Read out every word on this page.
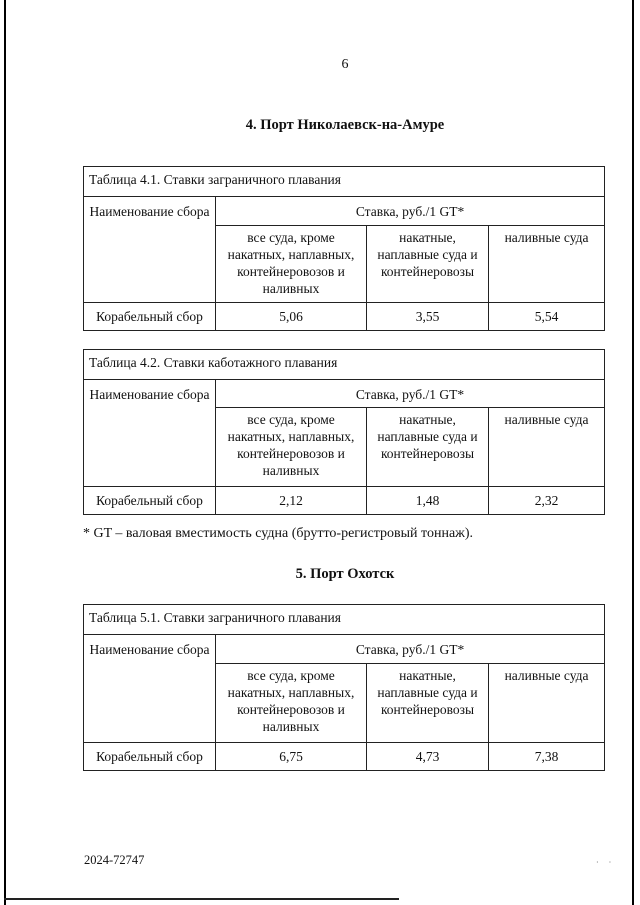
· ·
6
4. Порт Николаевск-на-Амуре
Таблица 4.1. Ставки заграничного плавания			
Наименование сбора	Ставка, руб./1 GT*		
	все суда, кроме накатных, наплавных, контейнеровозов и наливных	накатные, наплавные суда и контейнеровозы	наливные суда
Корабельный сбор	5,06	3,55	5,54
Таблица 4.2. Ставки каботажного плавания			
Наименование сбора	Ставка, руб./1 GT*		
	все суда, кроме накатных, наплавных, контейнеровозов и наливных	накатные, наплавные суда и контейнеровозы	наливные суда
Корабельный сбор	2,12	1,48	2,32
* GT – валовая вместимость судна (брутто-регистровый тоннаж).
5. Порт Охотск
Таблица 5.1. Ставки заграничного плавания			
Наименование сбора	Ставка, руб./1 GT*		
	все суда, кроме накатных, наплавных, контейнеровозов и наливных	накатные, наплавные суда и контейнеровозы	наливные суда
Корабельный сбор	6,75	4,73	7,38
2024-72747
